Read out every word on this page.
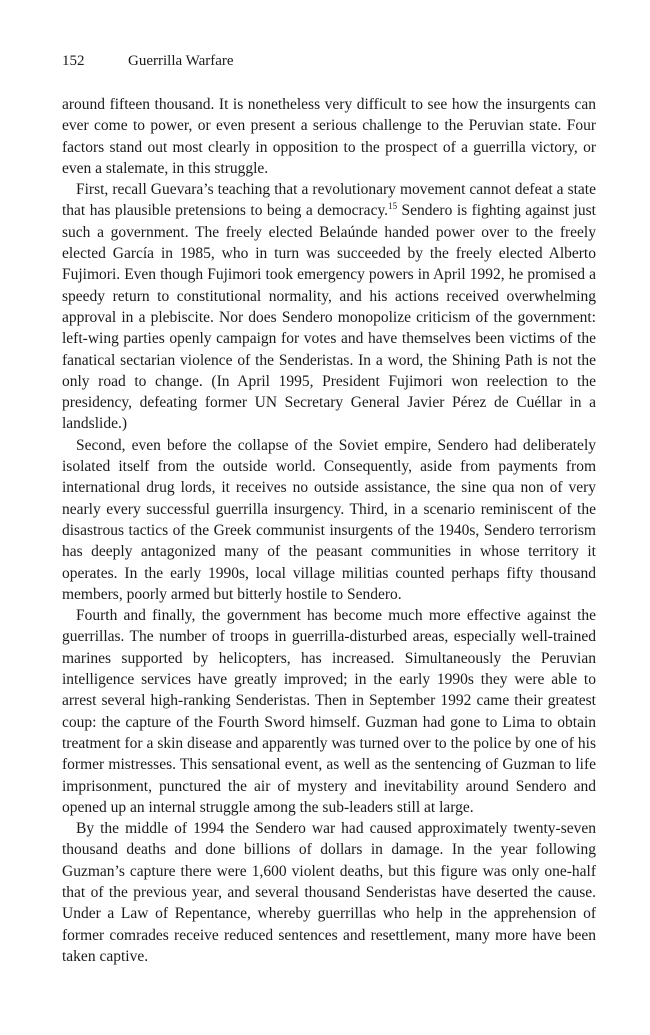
152	Guerrilla Warfare

around fifteen thousand. It is nonetheless very difficult to see how the insurgents can ever come to power, or even present a serious challenge to the Peruvian state. Four factors stand out most clearly in opposition to the prospect of a guerrilla victory, or even a stalemate, in this struggle.

First, recall Guevara’s teaching that a revolutionary movement cannot defeat a state that has plausible pretensions to being a democracy.$^{15}$ Sendero is fighting against just such a government. The freely elected Belaúnde handed power over to the freely elected García in 1985, who in turn was succeeded by the freely elected Alberto Fujimori. Even though Fujimori took emergency powers in April 1992, he promised a speedy return to constitutional normality, and his actions received overwhelming approval in a plebiscite. Nor does Sendero monopolize criticism of the government: left-wing parties openly campaign for votes and have themselves been victims of the fanatical sectarian violence of the Senderistas. In a word, the Shining Path is not the only road to change. (In April 1995, President Fujimori won reelection to the presidency, defeating former UN Secretary General Javier Pérez de Cuéllar in a landslide.)

Second, even before the collapse of the Soviet empire, Sendero had deliberately isolated itself from the outside world. Consequently, aside from payments from international drug lords, it receives no outside assistance, the sine qua non of very nearly every successful guerrilla insurgency. Third, in a scenario reminiscent of the disastrous tactics of the Greek communist insurgents of the 1940s, Sendero terrorism has deeply antagonized many of the peasant communities in whose territory it operates. In the early 1990s, local village militias counted perhaps fifty thousand members, poorly armed but bitterly hostile to Sendero.

Fourth and finally, the government has become much more effective against the guerrillas. The number of troops in guerrilla-disturbed areas, especially well-trained marines supported by helicopters, has increased. Simultaneously the Peruvian intelligence services have greatly improved; in the early 1990s they were able to arrest several high-ranking Senderistas. Then in September 1992 came their greatest coup: the capture of the Fourth Sword himself. Guzman had gone to Lima to obtain treatment for a skin disease and apparently was turned over to the police by one of his former mistresses. This sensational event, as well as the sentencing of Guzman to life imprisonment, punctured the air of mystery and inevitability around Sendero and opened up an internal struggle among the sub-leaders still at large.

By the middle of 1994 the Sendero war had caused approximately twenty-seven thousand deaths and done billions of dollars in damage. In the year following Guzman’s capture there were 1,600 violent deaths, but this figure was only one-half that of the previous year, and several thousand Senderistas have deserted the cause. Under a Law of Repentance, whereby guerrillas who help in the apprehension of former comrades receive reduced sentences and resettlement, many more have been taken captive.
